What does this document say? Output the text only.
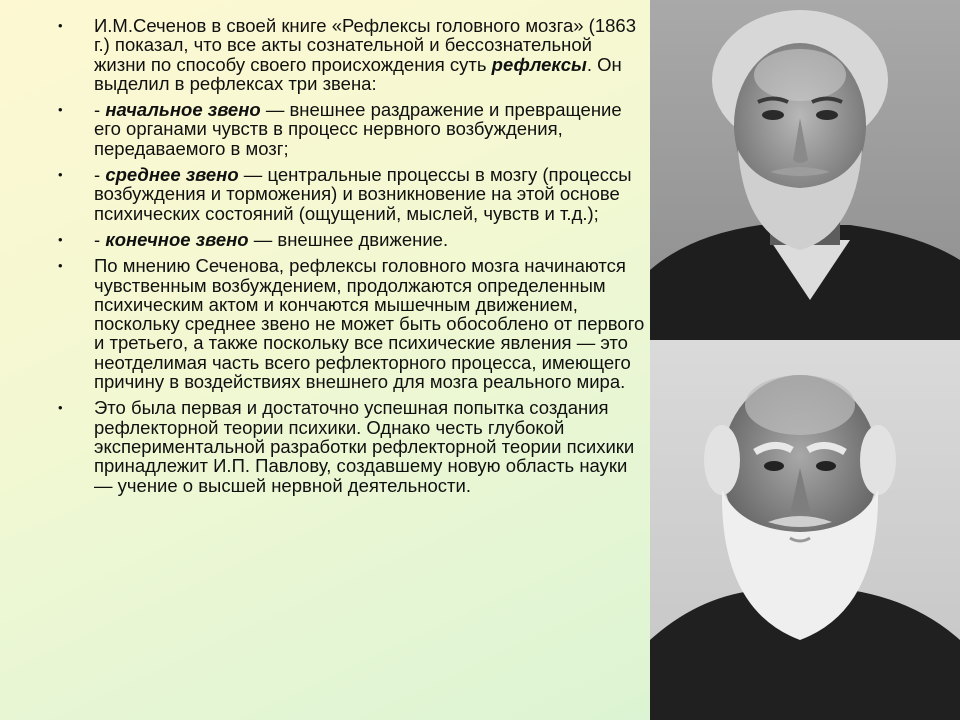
• И.М.Сеченов в своей книге «Рефлексы головного мозга» (1863 г.) показал, что все акты сознательной и бессознательной жизни по способу своего происхождения суть рефлексы. Он выделил в рефлексах три звена:
• - начальное звено — внешнее раздражение и превращение его органами чувств в процесс нервного возбуждения, передаваемого в мозг;
• - среднее звено — центральные процессы в мозгу (процессы возбуждения и торможения) и возникновение на этой основе психических состояний (ощущений, мыслей, чувств и т.д.);
• - конечное звено — внешнее движение.
• По мнению Сеченова, рефлексы головного мозга начинаются чувственным возбуждением, продолжаются определенным психическим актом и кончаются мышечным движением, поскольку среднее звено не может быть обособлено от первого и третьего, а также поскольку все психические явления — это неотделимая часть всего рефлекторного процесса, имеющего причину в воздействиях внешнего для мозга реального мира.
• Это была первая и достаточно успешная попытка создания рефлекторной теории психики. Однако честь глубокой экспериментальной разработки рефлекторной теории психики принадлежит И.П. Павлову, создавшему новую область науки — учение о высшей нервной деятельности.
